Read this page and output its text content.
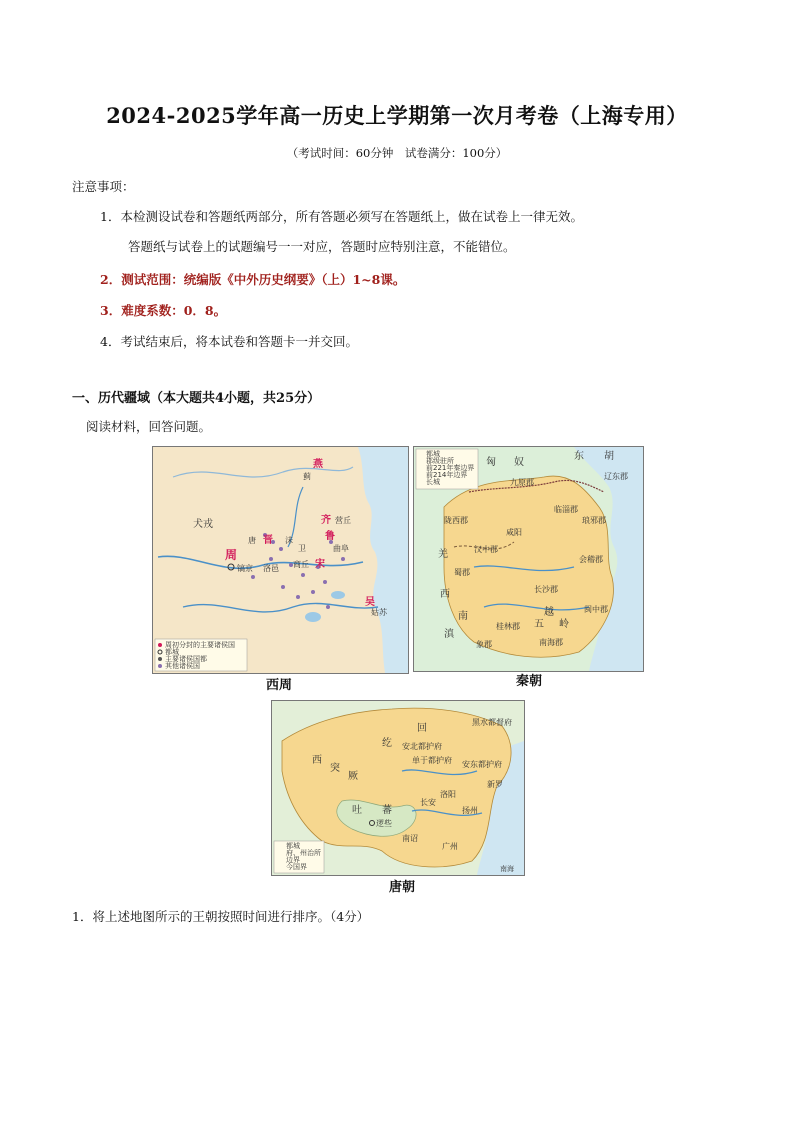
2024-2025学年高一历史上学期第一次月考卷（上海专用）
（考试时间：60分钟　试卷满分：100分）
注意事项：
1．本检测设试卷和答题纸两部分，所有答题必须写在答题纸上，做在试卷上一律无效。
答题纸与试卷上的试题编号一一对应，答题时应特别注意，不能错位。
2．测试范围：统编版《中外历史纲要》（上）1~8课。
3．难度系数：0．8。
4．考试结束后，将本试卷和答题卡一并交回。
一、历代疆域（本大题共4小题，共25分）
阅读材料，回答问题。
燕
蓟
犬戎	齐 营丘
唐 晋 沬
卫
鲁
曲阜
周
镐京 洛邑 商丘 宋
吴
姑苏
周初分封的主要诸侯国
都城
主要诸侯国都
其他诸侯国
西周
都城
郡级驻所
前221年秦边界
前214年边界
长城
匈 奴
东 胡
九原郡
陇西郡
咸阳
汉中郡
蜀郡
羌
临淄郡
琅邪郡
长沙郡
会稽郡
闽中郡
南海郡
桂林郡
象郡
南	越
五 岭
西
滇
辽东郡
秦朝
回
纥
西
突
厥
安北都护府
单于都护府 安东都护府
吐 蕃
逻些
长安
洛阳
扬州
广州
南诏
新罗
黑水都督府
南海
都城
府、州治所
边界
今国界
唐朝
1．将上述地图所示的王朝按照时间进行排序。（4分）
